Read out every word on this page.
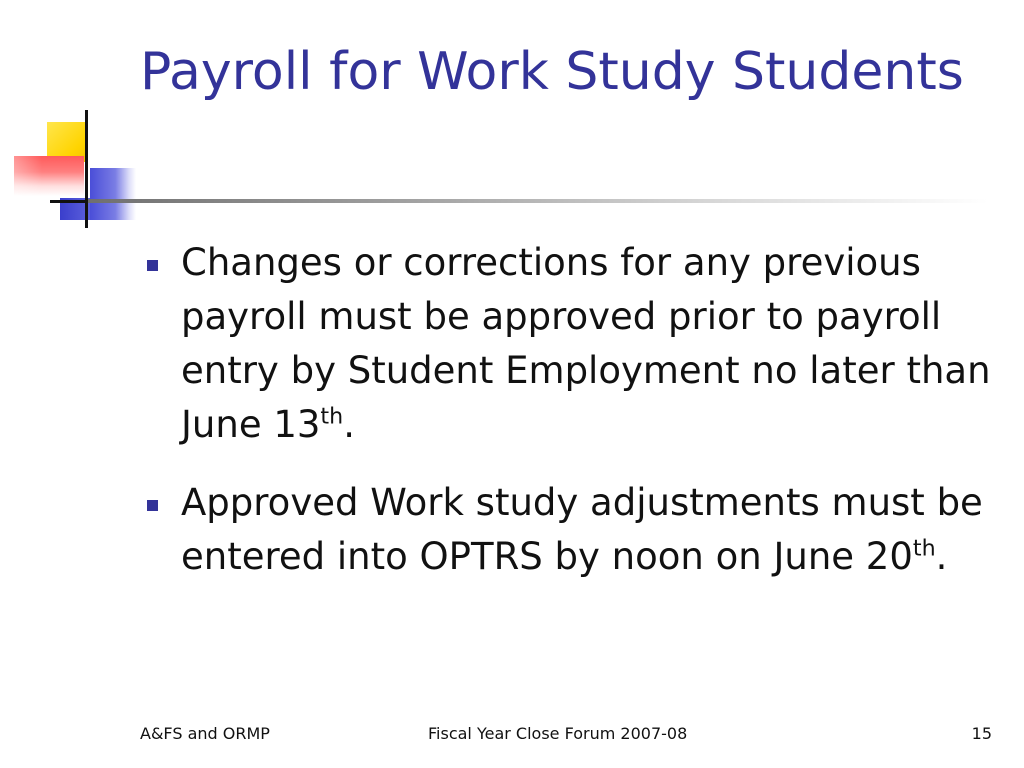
Payroll for Work Study Students
Changes or corrections for any previous payroll must be approved prior to payroll entry by Student Employment no later than June 13th.
Approved Work study adjustments must be entered into OPTRS by noon on June 20th.
A&FS and ORMP	Fiscal Year Close Forum 2007-08	15
